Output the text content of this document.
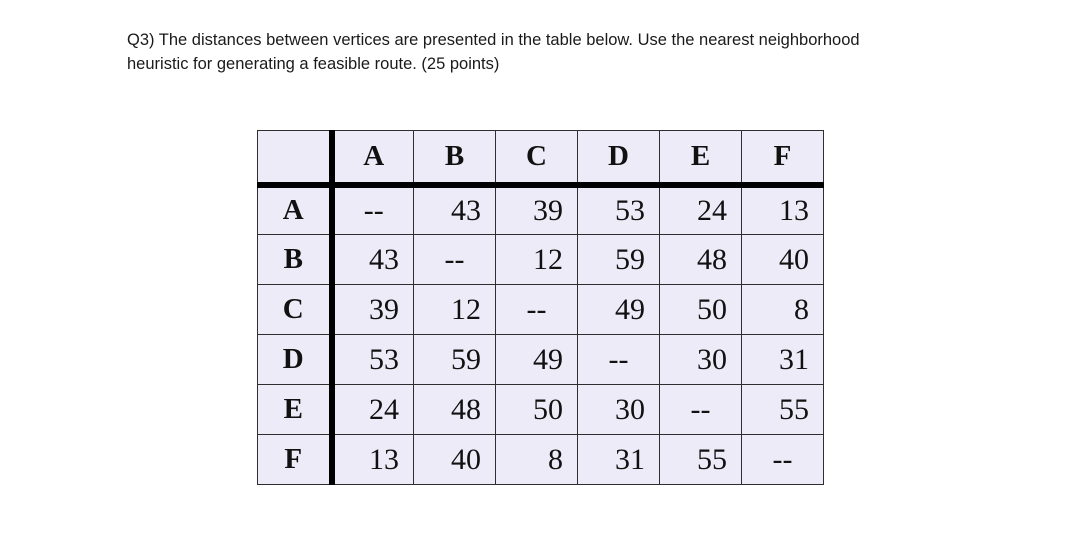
Q3) The distances between vertices are presented in the table below. Use the nearest neighborhood

heuristic for generating a feasible route. (25 points)

	A	B	C	D	E	F
A	--	43	39	53	24	13
B	43	--	12	59	48	40
C	39	12	--	49	50	8
D	53	59	49	--	30	31
E	24	48	50	30	--	55
F	13	40	8	31	55	--
